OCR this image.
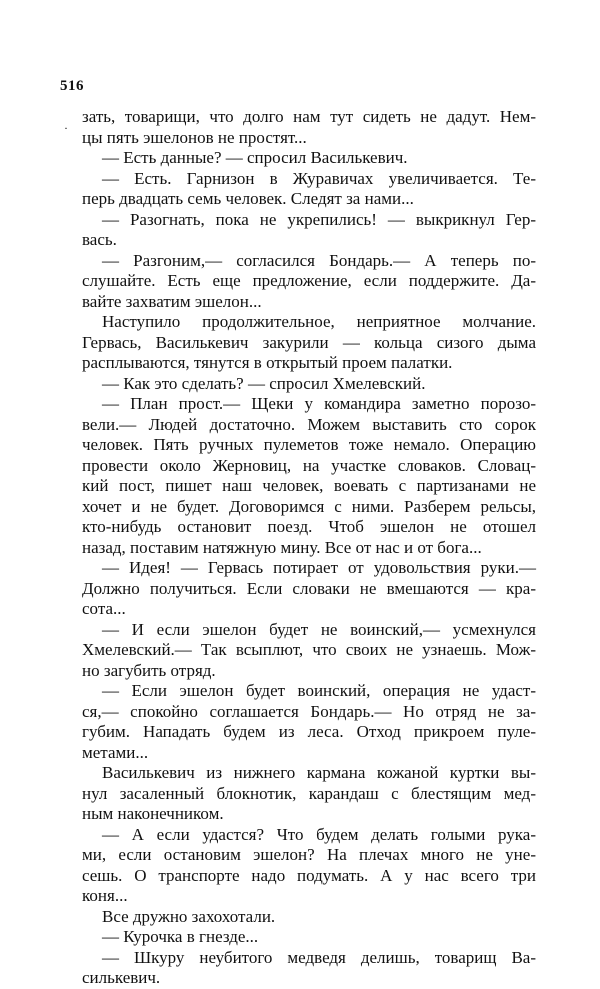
516
·
зать, товарищи, что долго нам тут сидеть не дадут. Нем-
цы пять эшелонов не простят...
— Есть данные? — спросил Василькевич.
— Есть. Гарнизон в Журавичах увеличивается. Те-
перь двадцать семь человек. Следят за нами...
— Разогнать, пока не укрепились! — выкрикнул Гер-
вась.
— Разгоним,— согласился Бондарь.— А теперь по-
слушайте. Есть еще предложение, если поддержите. Да-
вайте захватим эшелон...
Наступило продолжительное, неприятное молчание.
Гервась, Василькевич закурили — кольца сизого дыма
расплываются, тянутся в открытый проем палатки.
— Как это сделать? — спросил Хмелевский.
— План прост.— Щеки у командира заметно порозо-
вели.— Людей достаточно. Можем выставить сто сорок
человек. Пять ручных пулеметов тоже немало. Операцию
провести около Жерновиц, на участке словаков. Словац-
кий пост, пишет наш человек, воевать с партизанами не
хочет и не будет. Договоримся с ними. Разберем рельсы,
кто-нибудь остановит поезд. Чтоб эшелон не отошел
назад, поставим натяжную мину. Все от нас и от бога...
— Идея! — Гервась потирает от удовольствия руки.—
Должно получиться. Если словаки не вмешаются — кра-
сота...
— И если эшелон будет не воинский,— усмехнулся
Хмелевский.— Так всыплют, что своих не узнаешь. Мож-
но загубить отряд.
— Если эшелон будет воинский, операция не удаст-
ся,— спокойно соглашается Бондарь.— Но отряд не за-
губим. Нападать будем из леса. Отход прикроем пуле-
метами...
Василькевич из нижнего кармана кожаной куртки вы-
нул засаленный блокнотик, карандаш с блестящим мед-
ным наконечником.
— А если удастся? Что будем делать голыми рука-
ми, если остановим эшелон? На плечах много не уне-
сешь. О транспорте надо подумать. А у нас всего три
коня...
Все дружно захохотали.
— Курочка в гнезде...
— Шкуру неубитого медведя делишь, товарищ Ва-
силькевич.
